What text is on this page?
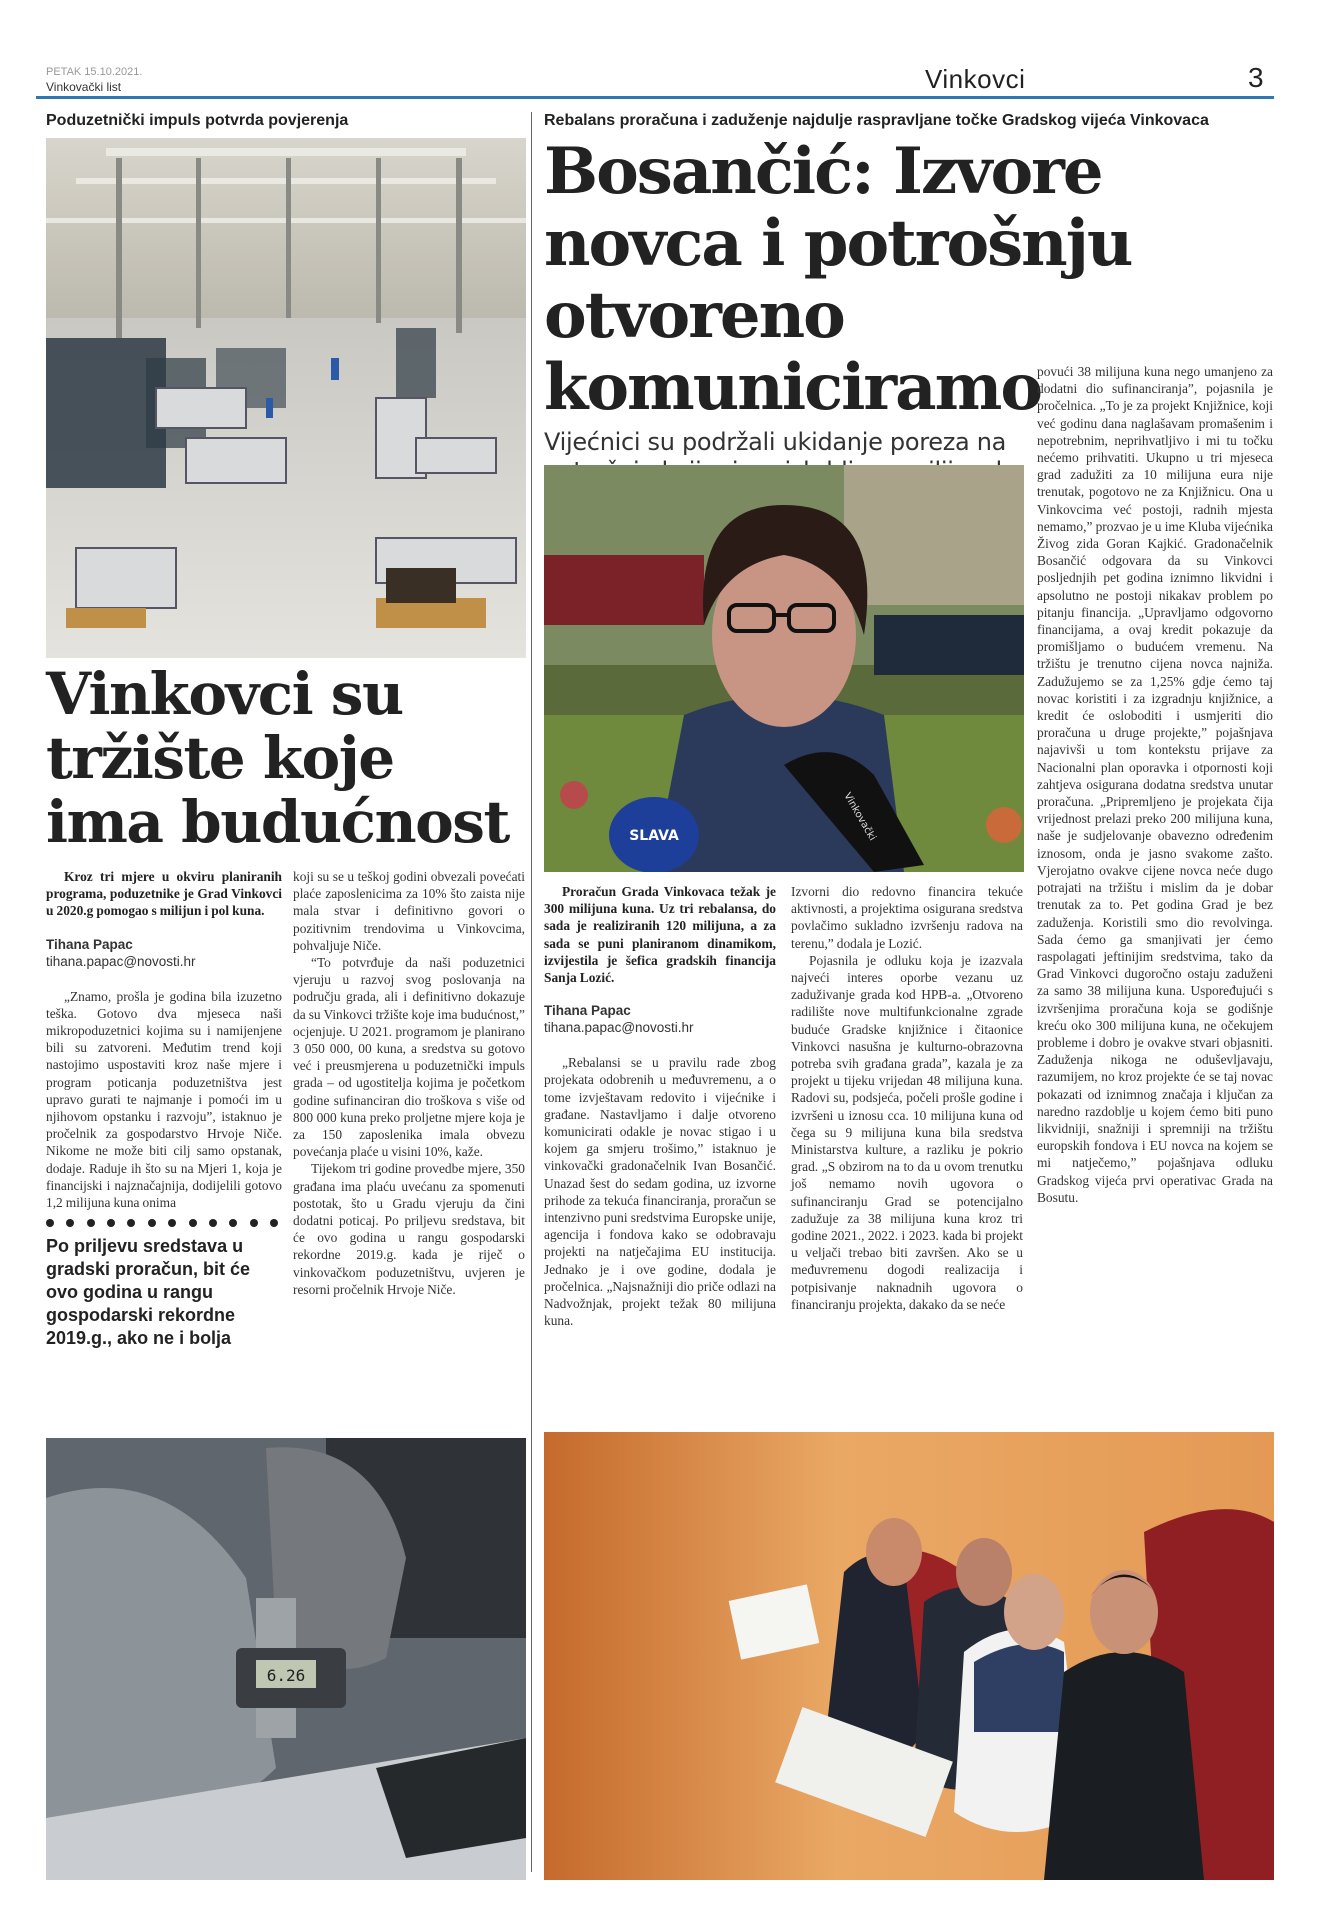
PETAK 15.10.2021.
Vinkovački list	Vinkovci	3
Poduzetnički impuls potvrda povjerenja
Vinkovci su tržište koje ima budućnost

Kroz tri mjere u okviru planiranih programa, poduzetnike je Grad Vinkovci u 2020.g pomogao s milijun i pol kuna.

Tihana Papac
tihana.papac@novosti.hr

„Znamo, prošla je godina bila izuzetno teška. Gotovo dva mjeseca naši mikropoduzetnici kojima su i namijenjene bili su zatvoreni. Međutim trend koji nastojimo uspostaviti kroz naše mjere i program poticanja poduzetništva jest upravo gurati te najmanje i pomoći im u njihovom opstanku i razvoju”, istaknuo je pročelnik za gospodarstvo Hrvoje Niče. Nikome ne može biti cilj samo opstanak, dodaje. Raduje ih što su na Mjeri 1, koja je financijski i najznačajnija, dodijelili gotovo 1,2 milijuna kuna onima

Po priljevu sredstava u gradski proračun, bit će ovo godina u rangu gospodarski rekordne 2019.g., ako ne i bolja

koji su se u teškoj godini obvezali povećati plaće zaposlenicima za 10% što zaista nije mala stvar i definitivno govori o pozitivnim trendovima u Vinkovcima, pohvaljuje Niče.

“To potvrđuje da naši poduzetnici vjeruju u razvoj svog poslovanja na području grada, ali i definitivno dokazuje da su Vinkovci tržište koje ima budućnost,” ocjenjuje. U 2021. programom je planirano 3 050 000, 00 kuna, a sredstva su gotovo već i preusmjerena u poduzetnički impuls grada – od ugostitelja kojima je početkom godine sufinanciran dio troškova s više od 800 000 kuna preko proljetne mjere koja je za 150 zaposlenika imala obvezu povećanja plaće u visini 10%, kaže.

Tijekom tri godine provedbe mjere, 350 građana ima plaću uvećanu za spomenuti postotak, što u Gradu vjeruju da čini dodatni poticaj. Po priljevu sredstava, bit će ovo godina u rangu gospodarski rekordne 2019.g. kada je riječ o vinkovačkom poduzetništvu, uvjeren je resorni pročelnik Hrvoje Niče.

6.26
Rebalans proračuna i zaduženje najdulje raspravljane točke Gradskog vijeća Vinkovaca
Bosančić: Izvore novca i potrošnju otvoreno komuniciramo
Vijećnici su podržali ukidanje poreza na
SLAVA	Vinkovački

Proračun Grada Vinkovaca težak je 300 milijuna kuna. Uz tri rebalansa, do sada je realiziranih 120 milijuna, a za sada se puni planiranom dinamikom, izvijestila je šefica gradskih financija Sanja Lozić.

Tihana Papac
tihana.papac@novosti.hr

„Rebalansi se u pravilu rade zbog projekata odobrenih u međuvremenu, a o tome izvještavam redovito i vijećnike i građane. Nastavljamo i dalje otvoreno komunicirati odakle je novac stigao i u kojem ga smjeru trošimo,” istaknuo je vinkovački gradonačelnik Ivan Bosančić. Unazad šest do sedam godina, uz izvorne prihode za tekuća financiranja, proračun se intenzivno puni sredstvima Europske unije, agencija i fondova kako se odobravaju projekti na natječajima EU institucija. Jednako je i ove godine, dodala je pročelnica. „Najsnažniji dio priče odlazi na Nadvožnjak, projekt težak 80 milijuna kuna.

Izvorni dio redovno financira tekuće aktivnosti, a projektima osigurana sredstva povlačimo sukladno izvršenju radova na terenu,” dodala je Lozić.

Pojasnila je odluku koja je izazvala najveći interes oporbe vezanu uz zaduživanje grada kod HPB-a. „Otvoreno radilište nove multifunkcionalne zgrade buduće Gradske knjižnice i čitaonice Vinkovci nasušna je kulturno-obrazovna potreba svih građana grada”, kazala je za projekt u tijeku vrijedan 48 milijuna kuna. Radovi su, podsjeća, počeli prošle godine i izvršeni u iznosu cca. 10 milijuna kuna od čega su 9 milijuna kuna bila sredstva Ministarstva kulture, a razliku je pokrio grad. „S obzirom na to da u ovom trenutku još nemamo novih ugovora o sufinanciranju Grad se potencijalno zadužuje za 38 milijuna kuna kroz tri godine 2021., 2022. i 2023. kada bi projekt u veljači trebao biti završen. Ako se u međuvremenu dogodi realizacija i potpisivanje naknadnih ugovora o financiranju projekta, dakako da se neće

povući 38 milijuna kuna nego umanjeno za dodatni dio sufinanciranja”, pojasnila je pročelnica. „To je za projekt Knjižnice, koji već godinu dana naglašavam promašenim i nepotrebnim, neprihvatljivo i mi tu točku nećemo prihvatiti. Ukupno u tri mjeseca grad zadužiti za 10 milijuna eura nije trenutak, pogotovo ne za Knjižnicu. Ona u Vinkovcima već postoji, radnih mjesta nemamo,” prozvao je u ime Kluba vijećnika Živog zida Goran Kajkić. Gradonačelnik Bosančić odgovara da su Vinkovci posljednjih pet godina iznimno likvidni i apsolutno ne postoji nikakav problem po pitanju financija. „Upravljamo odgovorno financijama, a ovaj kredit pokazuje da promišljamo o budućem vremenu. Na tržištu je trenutno cijena novca najniža. Zadužujemo se za 1,25% gdje ćemo taj novac koristiti i za izgradnju knjižnice, a kredit će osloboditi i usmjeriti dio proračuna u druge projekte,” pojašnjava najavivši u tom kontekstu prijave za Nacionalni plan oporavka i otpornosti koji zahtjeva osigurana dodatna sredstva unutar proračuna. „Pripremljeno je projekata čija vrijednost prelazi preko 200 milijuna kuna, naše je sudjelovanje obavezno određenim iznosom, onda je jasno svakome zašto. Vjerojatno ovakve cijene novca neće dugo potrajati na tržištu i mislim da je dobar trenutak za to. Pet godina Grad je bez zaduženja. Koristili smo dio revolvinga. Sada ćemo ga smanjivati jer ćemo raspolagati jeftinijim sredstvima, tako da Grad Vinkovci dugoročno ostaju zaduženi za samo 38 milijuna kuna. Uspoređujući s izvršenjima proračuna koja se godišnje kreću oko 300 milijuna kuna, ne očekujem probleme i dobro je ovakve stvari objasniti. Zaduženja nikoga ne oduševljavaju, razumijem, no kroz projekte će se taj novac pokazati od iznimnog značaja i ključan za naredno razdoblje u kojem ćemo biti puno likvidniji, snažniji i spremniji na tržištu europskih fondova i EU novca na kojem se mi natječemo,” pojašnjava odluku Gradskog vijeća prvi operativac Grada na Bosutu.
